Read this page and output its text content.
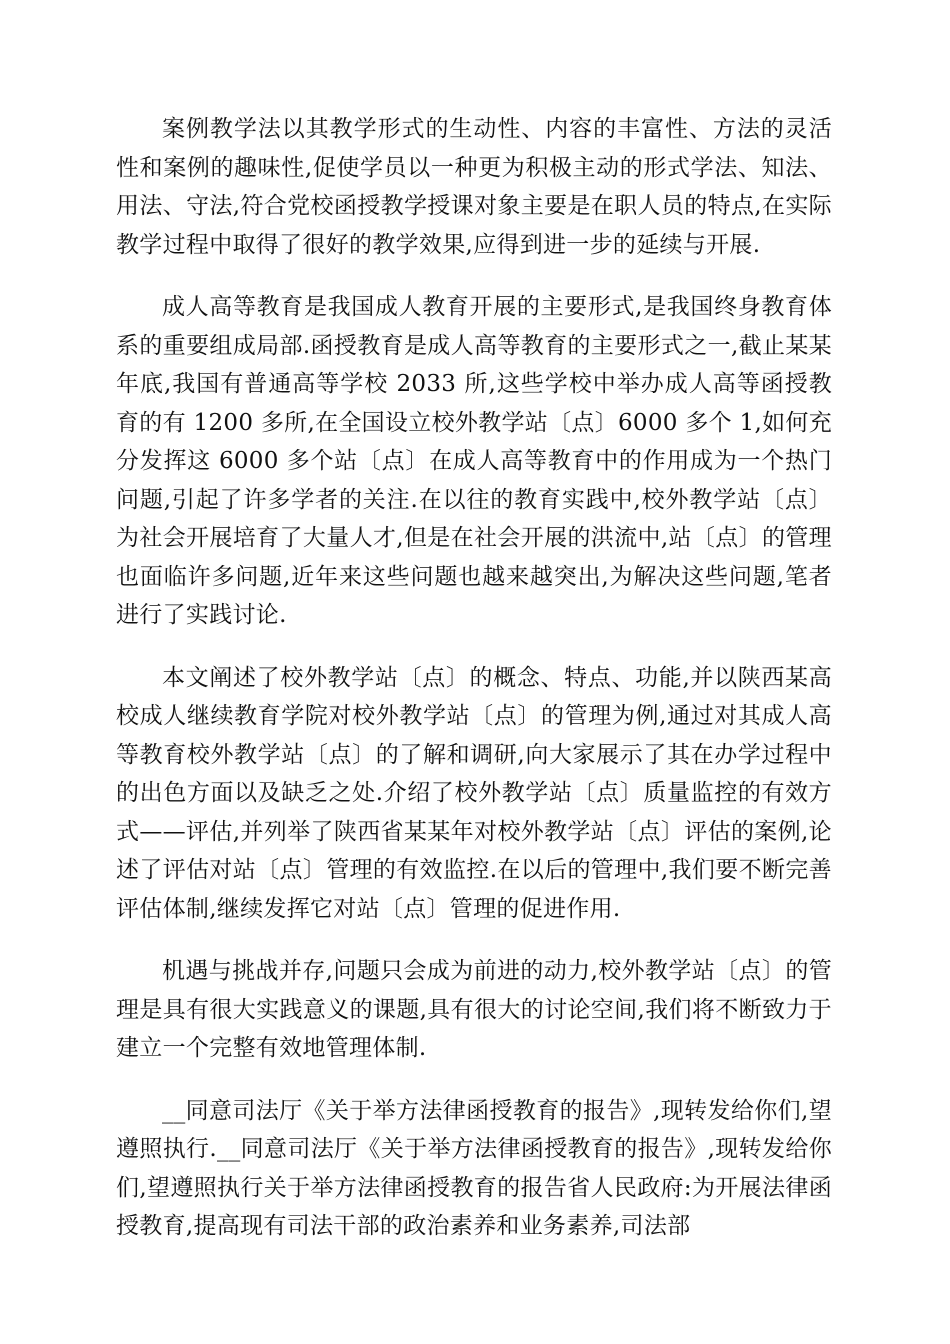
案例教学法以其教学形式的生动性、内容的丰富性、方法的灵活性和案例的趣味性,促使学员以一种更为积极主动的形式学法、知法、用法、守法,符合党校函授教学授课对象主要是在职人员的特点,在实际教学过程中取得了很好的教学效果,应得到进一步的延续与开展.

成人高等教育是我国成人教育开展的主要形式,是我国终身教育体系的重要组成局部.函授教育是成人高等教育的主要形式之一,截止某某年底,我国有普通高等学校 2033 所,这些学校中举办成人高等函授教育的有 1200 多所,在全国设立校外教学站〔点〕6000 多个 1,如何充分发挥这 6000 多个站〔点〕在成人高等教育中的作用成为一个热门问题,引起了许多学者的关注.在以往的教育实践中,校外教学站〔点〕为社会开展培育了大量人才,但是在社会开展的洪流中,站〔点〕的管理也面临许多问题,近年来这些问题也越来越突出,为解决这些问题,笔者进行了实践讨论.

本文阐述了校外教学站〔点〕的概念、特点、功能,并以陕西某高校成人继续教育学院对校外教学站〔点〕的管理为例,通过对其成人高等教育校外教学站〔点〕的了解和调研,向大家展示了其在办学过程中的出色方面以及缺乏之处.介绍了校外教学站〔点〕质量监控的有效方式——评估,并列举了陕西省某某年对校外教学站〔点〕评估的案例,论述了评估对站〔点〕管理的有效监控.在以后的管理中,我们要不断完善评估体制,继续发挥它对站〔点〕管理的促进作用.

机遇与挑战并存,问题只会成为前进的动力,校外教学站〔点〕的管理是具有很大实践意义的课题,具有很大的讨论空间,我们将不断致力于建立一个完整有效地管理体制.

__同意司法厅《关于举方法律函授教育的报告》,现转发给你们,望遵照执行.__同意司法厅《关于举方法律函授教育的报告》,现转发给你们,望遵照执行关于举方法律函授教育的报告省人民政府:为开展法律函授教育,提高现有司法干部的政治素养和业务素养,司法部
